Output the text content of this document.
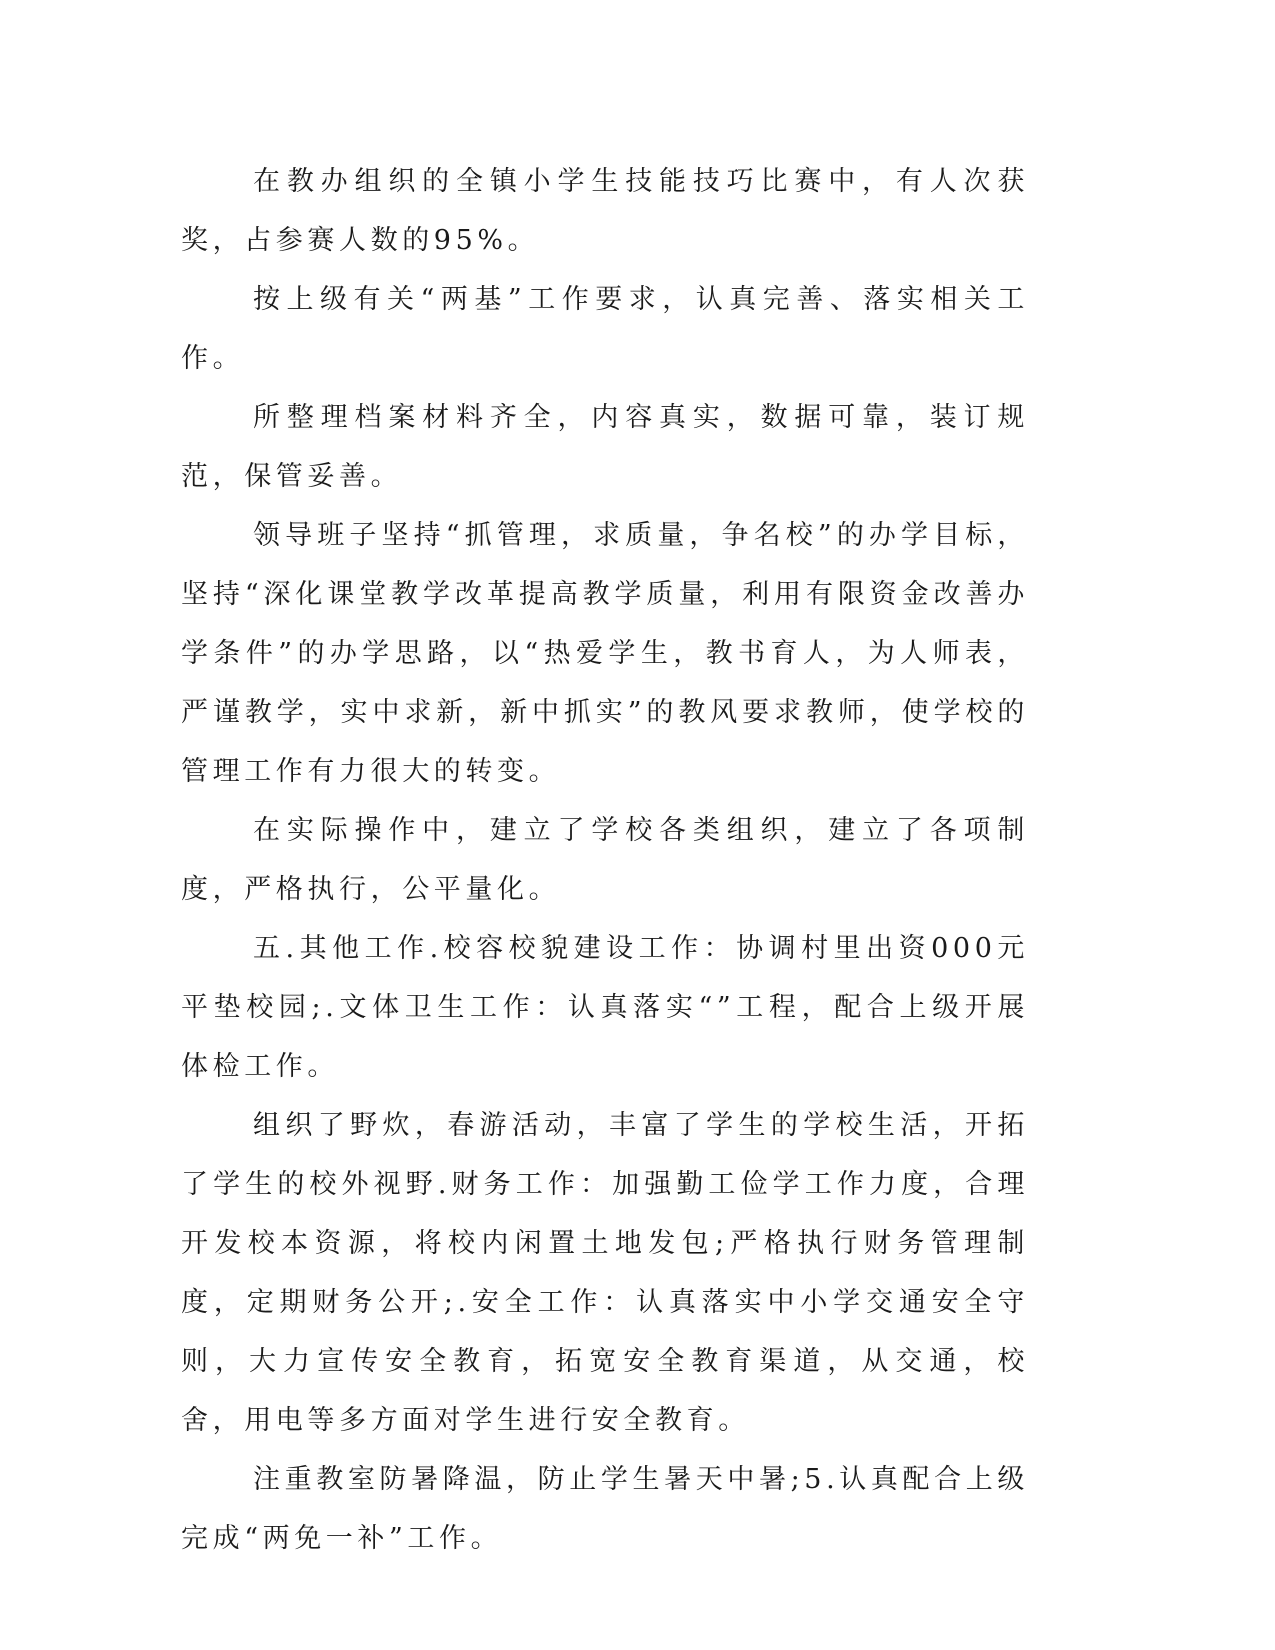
在教办组织的全镇小学生技能技巧比赛中，有人次获奖，占参赛人数的95%。

按上级有关“两基”工作要求，认真完善、落实相关工作。

所整理档案材料齐全，内容真实，数据可靠，装订规范，保管妥善。

领导班子坚持“抓管理，求质量，争名校”的办学目标，坚持“深化课堂教学改革提高教学质量，利用有限资金改善办学条件”的办学思路，以“热爱学生，教书育人，为人师表，严谨教学，实中求新，新中抓实”的教风要求教师，使学校的管理工作有力很大的转变。

在实际操作中，建立了学校各类组织，建立了各项制度，严格执行，公平量化。

五.其他工作.校容校貌建设工作：协调村里出资000元平垫校园;.文体卫生工作：认真落实“”工程，配合上级开展体检工作。

组织了野炊，春游活动，丰富了学生的学校生活，开拓了学生的校外视野.财务工作：加强勤工俭学工作力度，合理开发校本资源，将校内闲置土地发包;严格执行财务管理制度，定期财务公开;.安全工作：认真落实中小学交通安全守则，大力宣传安全教育，拓宽安全教育渠道，从交通，校舍，用电等多方面对学生进行安全教育。

注重教室防暑降温，防止学生暑天中暑;5.认真配合上级完成“两免一补”工作。
